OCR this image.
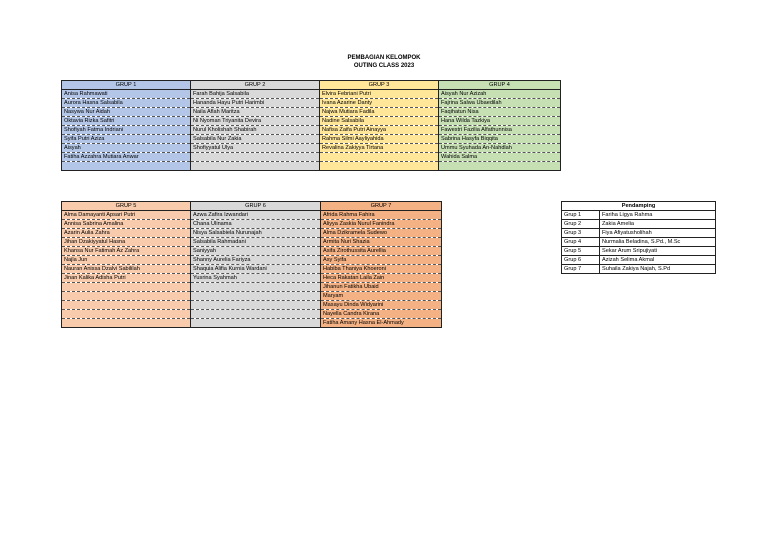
PEMBAGIAN KELOMPOK
OUTING CLASS 2023
GRUP 1	GRUP 2	GRUP 3	GRUP 4
Anisa Rahmawati	Farah Bahija Salsabila	Elvira Febriani Putri	Aisyah Nur Azizah
Aurora Hasna Salsabila	Hananda Hayu Putri Harimbi	Ivana Azarine Danty	Fajrina Salwa Ubaedilah
Nasywa Nur Aidah	Naila Aflah Maritza	Najwa Mutiara Fadila	Faqihatun Nisa
Oktavia Rizka Safitri	Ni Nyoman Triyanita Devira	Nadine Salsabila	Hana Wilda Tazkiya
Shofiyah Fatma Indriani	Nurul Kholishah Shabirah	Nafisa Zaifa Putri Ainayya	Fawestri Fazilia Alfathunnisa
Syifa Putri Aziza	Salsabila Nur Zakia	Rahma Silmi Aayliyahida	Sabrina Hasyfa Biqqita
Aisyah	Shofiyyatul Ulya	Revalina Zakiyya Tirtana	Ummu Syuhada An-Nahdlah
Fatiha Azzahra Mutiara Anwar			Wahida Salma

GRUP 5	GRUP 6	GRUP 7
Alma Damayanti Apsari Putri	Azwa Zafira Izwandari	Afrida Rahma Fahira
Annisa Sabrina Amalina	Chana Ulinama	Aliyya Zaskia Nurul Fanindra
Azarin Aulia Zahra	Nisya Salsabiela Nurunajah	Alma Dzikramela Sudewo
Jihan Dzakiyyatul Hasna	Salsabila Rahmadani	Armita Nuri Shazia
Khansa Nur Fatimah Az Zahra	Saniyyah	Asifa Zirothussita Aurellia
Najla Jun	Shanny Aurelia Fariyza	Asy Syifa
Nauran Anissa Dzalvi Sabililah	Shaquia Alifia Kurnia Wardani	Habiba Thaniya Khoeroni
Jinan Kalika Adisha Putri	Yusrina Syahmah	Heca Rakatan Laila Zain
		Jihanun Fatikha Ubaid
		Maryam
		Masayu Dinda Widyarini
		Nayella Candra Kirana
		Fatiha Amany Hasna El-Ahmady
Pendamping	
Grup 1	Fariha Ligya Rahma
Grup 2	Zakia Amelia
Grup 3	Fiya Afiyatusholihah
Grup 4	Nurmalia Beladina, S.Pd., M.Sc
Grup 5	Sekar Arum Sripujiyati
Grup 6	Azizah Selima Akmal
Grup 7	Suhaila Zakiya Najah, S.Pd
